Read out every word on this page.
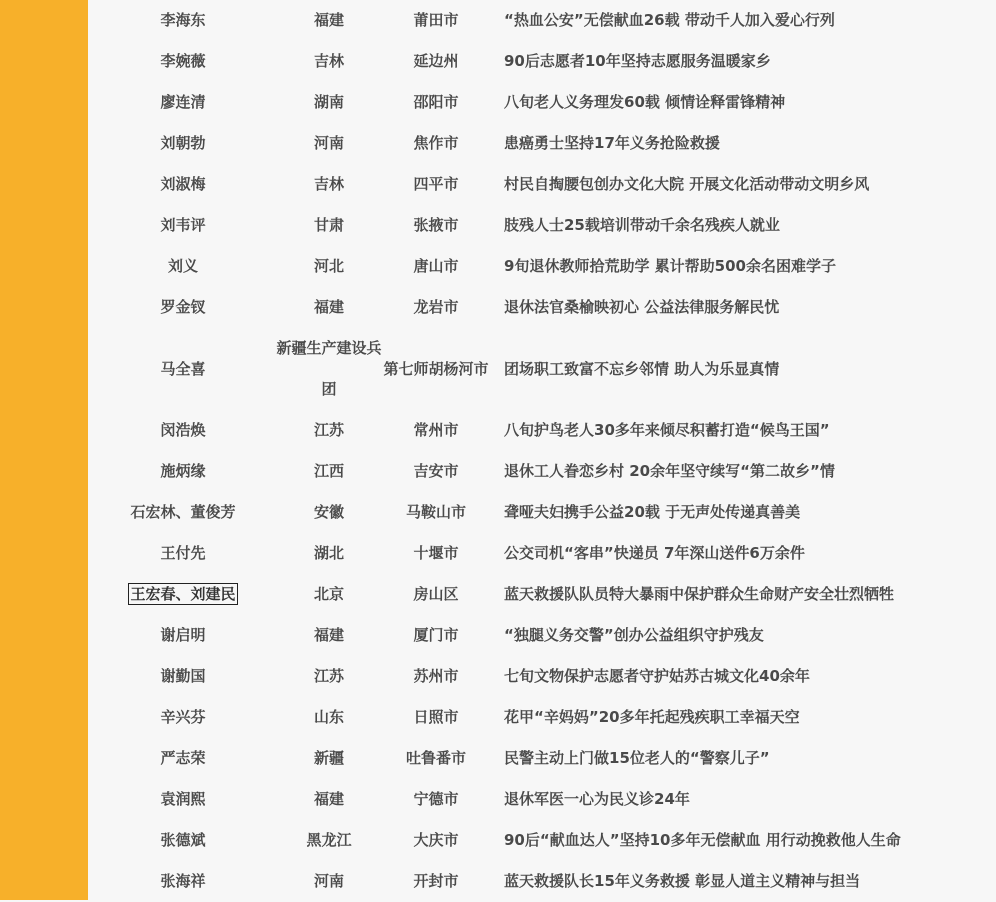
李海东	福建	莆田市	“热血公安”无偿献血26载 带动千人加入爱心行列
李婉薇	吉林	延边州	90后志愿者10年坚持志愿服务温暖家乡
廖连清	湖南	邵阳市	八旬老人义务理发60载 倾情诠释雷锋精神
刘朝勃	河南	焦作市	患癌勇士坚持17年义务抢险救援
刘淑梅	吉林	四平市	村民自掏腰包创办文化大院 开展文化活动带动文明乡风
刘韦评	甘肃	张掖市	肢残人士25载培训带动千余名残疾人就业
刘义	河北	唐山市	9旬退休教师拾荒助学 累计帮助500余名困难学子
罗金钗	福建	龙岩市	退休法官桑榆映初心 公益法律服务解民忧
马全喜	新疆生产建设兵团	第七师胡杨河市	团场职工致富不忘乡邻情 助人为乐显真情
闵浩焕	江苏	常州市	八旬护鸟老人30多年来倾尽积蓄打造“候鸟王国”
施炳缘	江西	吉安市	退休工人眷恋乡村 20余年坚守续写“第二故乡”情
石宏林、董俊芳	安徽	马鞍山市	聋哑夫妇携手公益20载 于无声处传递真善美
王付先	湖北	十堰市	公交司机“客串”快递员 7年深山送件6万余件
王宏春、刘建民	北京	房山区	蓝天救援队队员特大暴雨中保护群众生命财产安全壮烈牺牲
谢启明	福建	厦门市	“独腿义务交警”创办公益组织守护残友
谢勤国	江苏	苏州市	七旬文物保护志愿者守护姑苏古城文化40余年
辛兴芬	山东	日照市	花甲“辛妈妈”20多年托起残疾职工幸福天空
严志荣	新疆	吐鲁番市	民警主动上门做15位老人的“警察儿子”
袁润熙	福建	宁德市	退休军医一心为民义诊24年
张德斌	黑龙江	大庆市	90后“献血达人”坚持10多年无偿献血 用行动挽救他人生命
张海祥	河南	开封市	蓝天救援队长15年义务救援 彰显人道主义精神与担当
